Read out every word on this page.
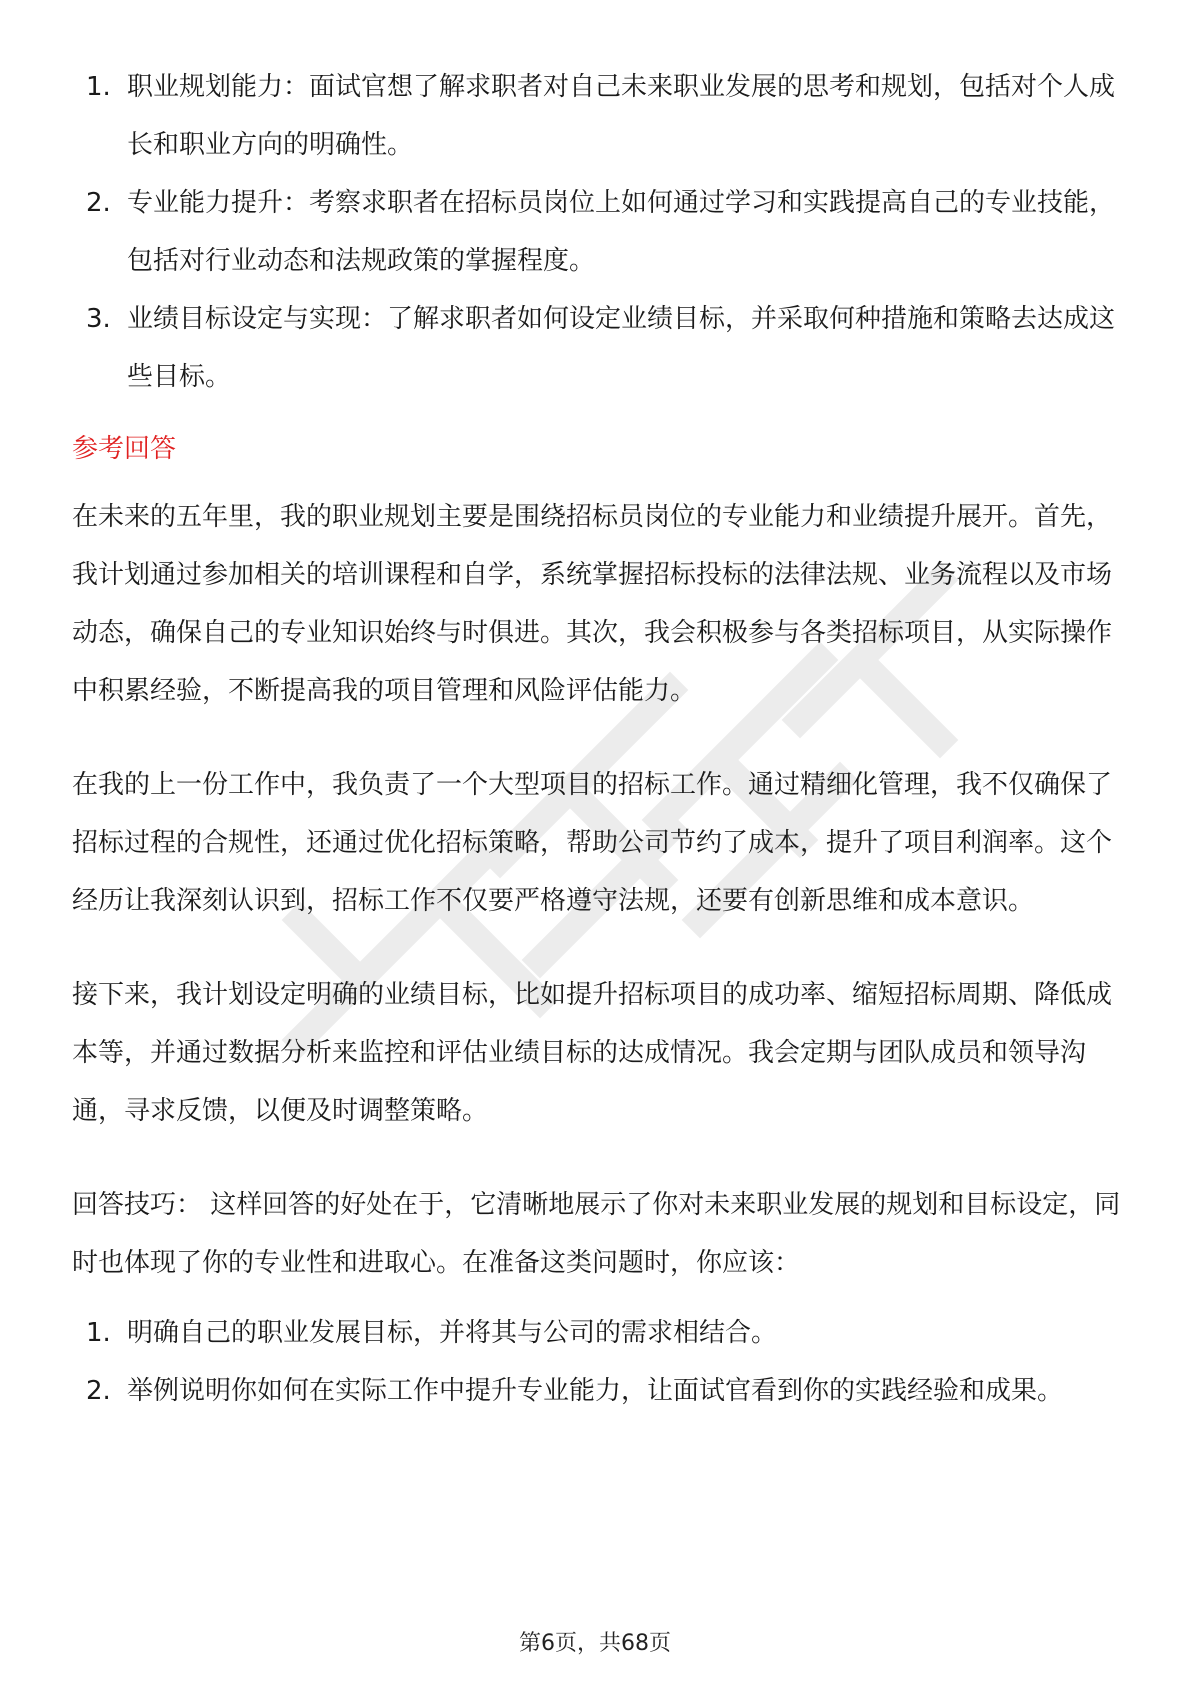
1. 职业规划能力：面试官想了解求职者对自己未来职业发展的思考和规划，包括对个人成长和职业方向的明确性。
2. 专业能力提升：考察求职者在招标员岗位上如何通过学习和实践提高自己的专业技能，包括对行业动态和法规政策的掌握程度。
3. 业绩目标设定与实现：了解求职者如何设定业绩目标，并采取何种措施和策略去达成这些目标。
参考回答

在未来的五年里，我的职业规划主要是围绕招标员岗位的专业能力和业绩提升展开。首先，我计划通过参加相关的培训课程和自学，系统掌握招标投标的法律法规、业务流程以及市场动态，确保自己的专业知识始终与时俱进。其次，我会积极参与各类招标项目，从实际操作中积累经验，不断提高我的项目管理和风险评估能力。

在我的上一份工作中，我负责了一个大型项目的招标工作。通过精细化管理，我不仅确保了招标过程的合规性，还通过优化招标策略，帮助公司节约了成本，提升了项目利润率。这个经历让我深刻认识到，招标工作不仅要严格遵守法规，还要有创新思维和成本意识。

接下来，我计划设定明确的业绩目标，比如提升招标项目的成功率、缩短招标周期、降低成本等，并通过数据分析来监控和评估业绩目标的达成情况。我会定期与团队成员和领导沟通，寻求反馈，以便及时调整策略。

回答技巧： 这样回答的好处在于，它清晰地展示了你对未来职业发展的规划和目标设定，同时也体现了你的专业性和进取心。在准备这类问题时，你应该：

1. 明确自己的职业发展目标，并将其与公司的需求相结合。
2. 举例说明你如何在实际工作中提升专业能力，让面试官看到你的实践经验和成果。
第6页，共68页
